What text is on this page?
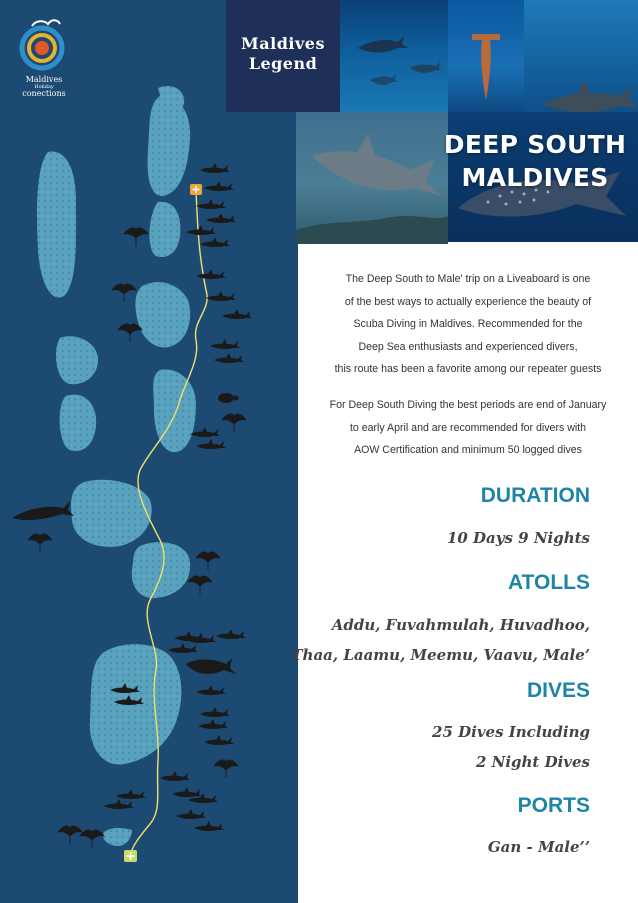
Maldives
Holiday
conections
Maldives
Legend
DEEP SOUTH
MALDIVES

The Deep South to Male' trip on a Liveaboard is one
of the best ways to actually experience the beauty of
Scuba Diving in Maldives. Recommended for the
Deep Sea enthusiasts and experienced divers,
this route has been a favorite among our repeater guests

For Deep South Diving the best periods are end of January
to early April and are recommended for divers with
AOW Certification and minimum 50 logged dives

DURATION
10 Days 9 Nights
ATOLLS
Addu, Fuvahmulah, Huvadhoo,
Thaa, Laamu, Meemu, Vaavu, Male’
DIVES
25 Dives Including
2 Night Dives
PORTS
Gan - Male’’
